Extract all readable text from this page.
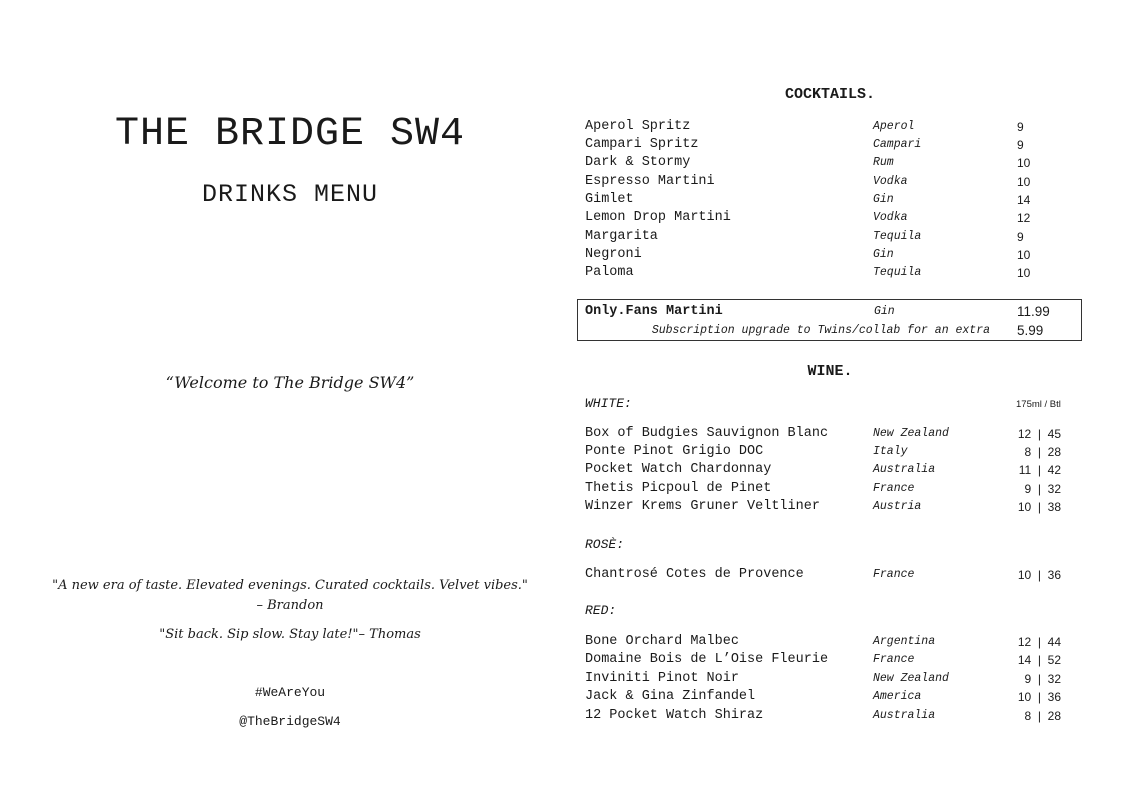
THE BRIDGE SW4
DRINKS MENU
“Welcome to The Bridge SW4”
"A new era of taste. Elevated evenings. Curated cocktails. Velvet vibes."
– Brandon
"Sit back. Sip slow. Stay late!"– Thomas
#WeAreYou
@TheBridgeSW4
COCKTAILS.
Aperol Spritz	Aperol	9
Campari Spritz	Campari	9
Dark & Stormy	Rum	10
Espresso Martini	Vodka	10
Gimlet	Gin	14
Lemon Drop Martini	Vodka	12
Margarita	Tequila	9
Negroni	Gin	10
Paloma	Tequila	10
Only.Fans Martini	Gin	11.99
Subscription upgrade to Twins/collab for an extra 5.99
WINE.
175ml / Btl
WHITE:
Box of Budgies Sauvignon Blanc	New Zealand	12  |  45
Ponte Pinot Grigio DOC	Italy	8  |  28
Pocket Watch Chardonnay	Australia	11  |  42
Thetis Picpoul de Pinet	France	9  |  32
Winzer Krems Gruner Veltliner	Austria	10  |  38
ROSÈ:
Chantrosé Cotes de Provence	France	10  |  36
RED:
Bone Orchard Malbec	Argentina	12  |  44
Domaine Bois de L’Oise Fleurie	France	14  |  52
Inviniti Pinot Noir	New Zealand	9  |  32
Jack & Gina Zinfandel	America	10  |  36
12 Pocket Watch Shiraz	Australia	8  |  28
